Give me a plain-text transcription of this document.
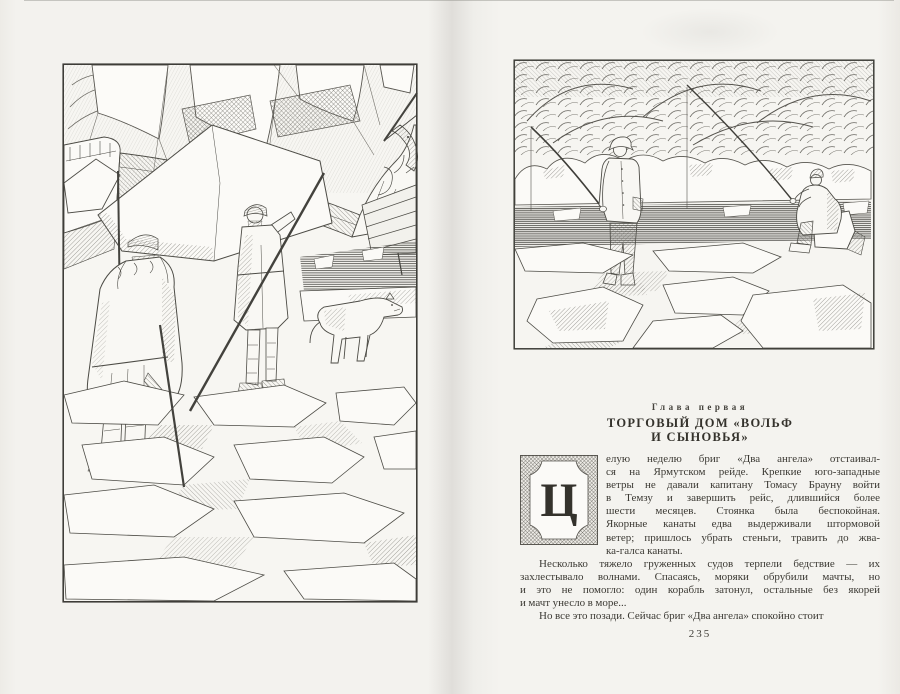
Глава первая
ТОРГОВЫЙ ДОМ «ВОЛЬФ
И СЫНОВЬЯ»
Ц
елую неделю бриг «Два ангела» отстаивал-
ся на Ярмутском рейде. Крепкие юго-западные
ветры не давали капитану Томасу Брауну войти
в Темзу и завершить рейс, длившийся более
шести месяцев. Стоянка была беспокойная.
Якорные канаты едва выдерживали штормовой
ветер; пришлось убрать стеньги, травить до жва-
ка-галса канаты.
Несколько тяжело груженных судов терпели бедствие — их
захлестывало волнами. Спасаясь, моряки обрубили мачты, но
и это не помогло: один корабль затонул, остальные без якорей
и мачт унесло в море...
Но все это позади. Сейчас бриг «Два ангела» спокойно стоит
235
